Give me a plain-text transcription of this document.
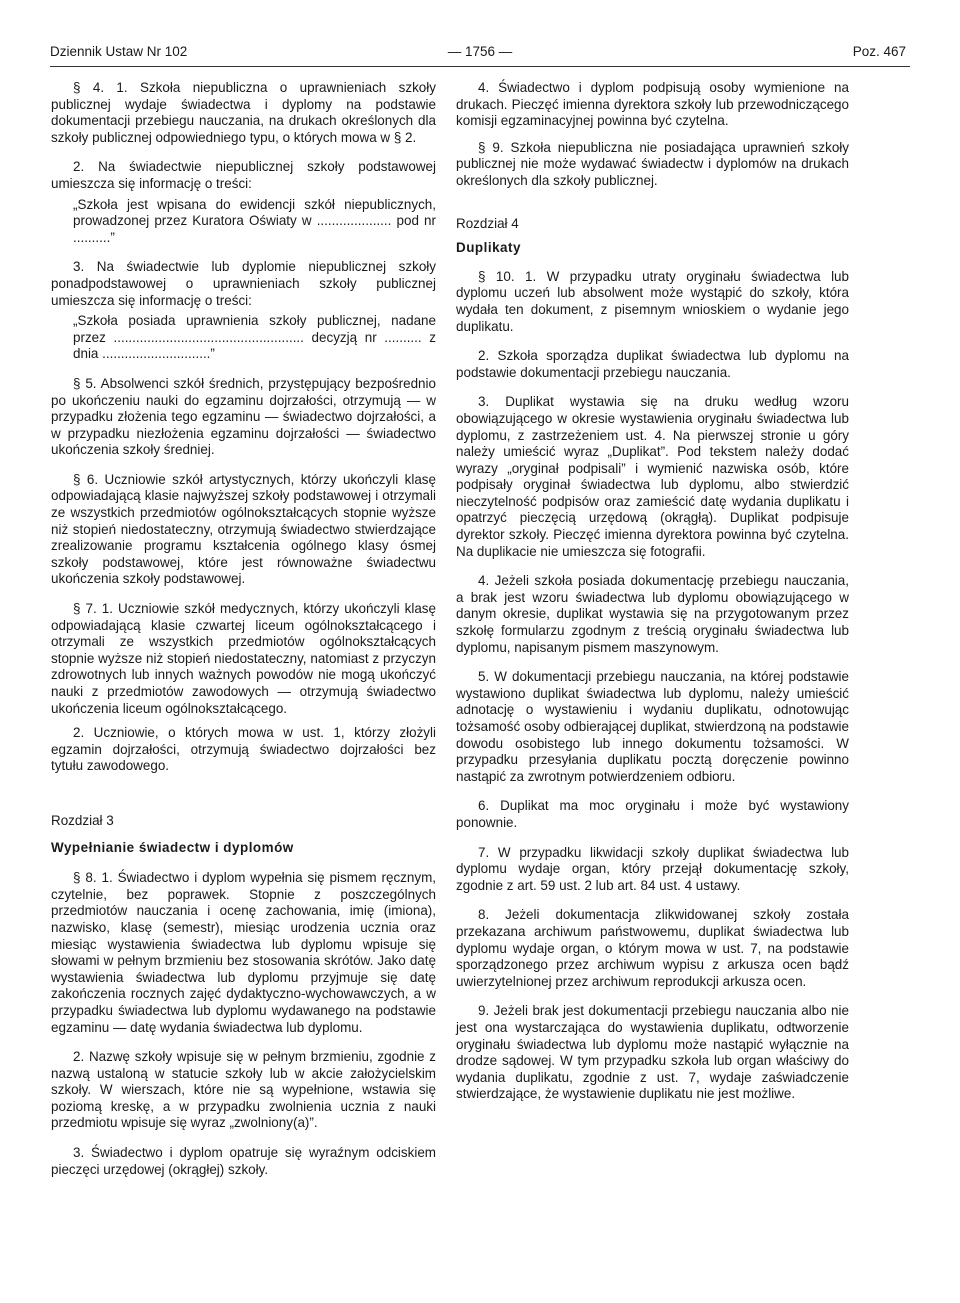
Dziennik Ustaw Nr 102	— 1756 —	Poz. 467

§ 4. 1. Szkoła niepubliczna o uprawnieniach szkoły publicznej wydaje świadectwa i dyplomy na podstawie dokumentacji przebiegu nauczania, na drukach określonych dla szkoły publicznej odpowiedniego typu, o których mowa w § 2.

2. Na świadectwie niepublicznej szkoły podstawowej umieszcza się informację o treści:

„Szkoła jest wpisana do ewidencji szkół niepublicznych, prowadzonej przez Kuratora Oświaty w .................... pod nr ..........”

3. Na świadectwie lub dyplomie niepublicznej szkoły ponadpodstawowej o uprawnieniach szkoły publicznej umieszcza się informację o treści:

„Szkoła posiada uprawnienia szkoły publicznej, nadane przez ................................................... decyzją nr .......... z dnia .............................”

§ 5. Absolwenci szkół średnich, przystępujący bezpośrednio po ukończeniu nauki do egzaminu dojrzałości, otrzymują — w przypadku złożenia tego egzaminu — świadectwo dojrzałości, a w przypadku niezłożenia egzaminu dojrzałości — świadectwo ukończenia szkoły średniej.

§ 6. Uczniowie szkół artystycznych, którzy ukończyli klasę odpowiadającą klasie najwyższej szkoły podstawowej i otrzymali ze wszystkich przedmiotów ogólnokształcących stopnie wyższe niż stopień niedostateczny, otrzymują świadectwo stwierdzające zrealizowanie programu kształcenia ogólnego klasy ósmej szkoły podstawowej, które jest równoważne świadectwu ukończenia szkoły podstawowej.

§ 7. 1. Uczniowie szkół medycznych, którzy ukończyli klasę odpowiadającą klasie czwartej liceum ogólnokształcącego i otrzymali ze wszystkich przedmiotów ogólnokształcących stopnie wyższe niż stopień niedostateczny, natomiast z przyczyn zdrowotnych lub innych ważnych powodów nie mogą ukończyć nauki z przedmiotów zawodowych — otrzymują świadectwo ukończenia liceum ogólnokształcącego.

2. Uczniowie, o których mowa w ust. 1, którzy złożyli egzamin dojrzałości, otrzymują świadectwo dojrzałości bez tytułu zawodowego.

Rozdział 3

Wypełnianie świadectw i dyplomów

§ 8. 1. Świadectwo i dyplom wypełnia się pismem ręcznym, czytelnie, bez poprawek. Stopnie z poszczególnych przedmiotów nauczania i ocenę zachowania, imię (imiona), nazwisko, klasę (semestr), miesiąc urodzenia ucznia oraz miesiąc wystawienia świadectwa lub dyplomu wpisuje się słowami w pełnym brzmieniu bez stosowania skrótów. Jako datę wystawienia świadectwa lub dyplomu przyjmuje się datę zakończenia rocznych zajęć dydaktyczno-wychowawczych, a w przypadku świadectwa lub dyplomu wydawanego na podstawie egzaminu — datę wydania świadectwa lub dyplomu.

2. Nazwę szkoły wpisuje się w pełnym brzmieniu, zgodnie z nazwą ustaloną w statucie szkoły lub w akcie założycielskim szkoły. W wierszach, które nie są wypełnione, wstawia się poziomą kreskę, a w przypadku zwolnienia ucznia z nauki przedmiotu wpisuje się wyraz „zwolniony(a)”.

3. Świadectwo i dyplom opatruje się wyraźnym odciskiem pieczęci urzędowej (okrągłej) szkoły.

4. Świadectwo i dyplom podpisują osoby wymienione na drukach. Pieczęć imienna dyrektora szkoły lub przewodniczącego komisji egzaminacyjnej powinna być czytelna.

§ 9. Szkoła niepubliczna nie posiadająca uprawnień szkoły publicznej nie może wydawać świadectw i dyplomów na drukach określonych dla szkoły publicznej.

Rozdział 4

Duplikaty

§ 10. 1. W przypadku utraty oryginału świadectwa lub dyplomu uczeń lub absolwent może wystąpić do szkoły, która wydała ten dokument, z pisemnym wnioskiem o wydanie jego duplikatu.

2. Szkoła sporządza duplikat świadectwa lub dyplomu na podstawie dokumentacji przebiegu nauczania.

3. Duplikat wystawia się na druku według wzoru obowiązującego w okresie wystawienia oryginału świadectwa lub dyplomu, z zastrzeżeniem ust. 4. Na pierwszej stronie u góry należy umieścić wyraz „Duplikat”. Pod tekstem należy dodać wyrazy „oryginał podpisali” i wymienić nazwiska osób, które podpisały oryginał świadectwa lub dyplomu, albo stwierdzić nieczytelność podpisów oraz zamieścić datę wydania duplikatu i opatrzyć pieczęcią urzędową (okrągłą). Duplikat podpisuje dyrektor szkoły. Pieczęć imienna dyrektora powinna być czytelna. Na duplikacie nie umieszcza się fotografii.

4. Jeżeli szkoła posiada dokumentację przebiegu nauczania, a brak jest wzoru świadectwa lub dyplomu obowiązującego w danym okresie, duplikat wystawia się na przygotowanym przez szkołę formularzu zgodnym z treścią oryginału świadectwa lub dyplomu, napisanym pismem maszynowym.

5. W dokumentacji przebiegu nauczania, na której podstawie wystawiono duplikat świadectwa lub dyplomu, należy umieścić adnotację o wystawieniu i wydaniu duplikatu, odnotowując tożsamość osoby odbierającej duplikat, stwierdzoną na podstawie dowodu osobistego lub innego dokumentu tożsamości. W przypadku przesyłania duplikatu pocztą doręczenie powinno nastąpić za zwrotnym potwierdzeniem odbioru.

6. Duplikat ma moc oryginału i może być wystawiony ponownie.

7. W przypadku likwidacji szkoły duplikat świadectwa lub dyplomu wydaje organ, który przejął dokumentację szkoły, zgodnie z art. 59 ust. 2 lub art. 84 ust. 4 ustawy.

8. Jeżeli dokumentacja zlikwidowanej szkoły została przekazana archiwum państwowemu, duplikat świadectwa lub dyplomu wydaje organ, o którym mowa w ust. 7, na podstawie sporządzonego przez archiwum wypisu z arkusza ocen bądź uwierzytelnionej przez archiwum reprodukcji arkusza ocen.

9. Jeżeli brak jest dokumentacji przebiegu nauczania albo nie jest ona wystarczająca do wystawienia duplikatu, odtworzenie oryginału świadectwa lub dyplomu może nastąpić wyłącznie na drodze sądowej. W tym przypadku szkoła lub organ właściwy do wydania duplikatu, zgodnie z ust. 7, wydaje zaświadczenie stwierdzające, że wystawienie duplikatu nie jest możliwe.
